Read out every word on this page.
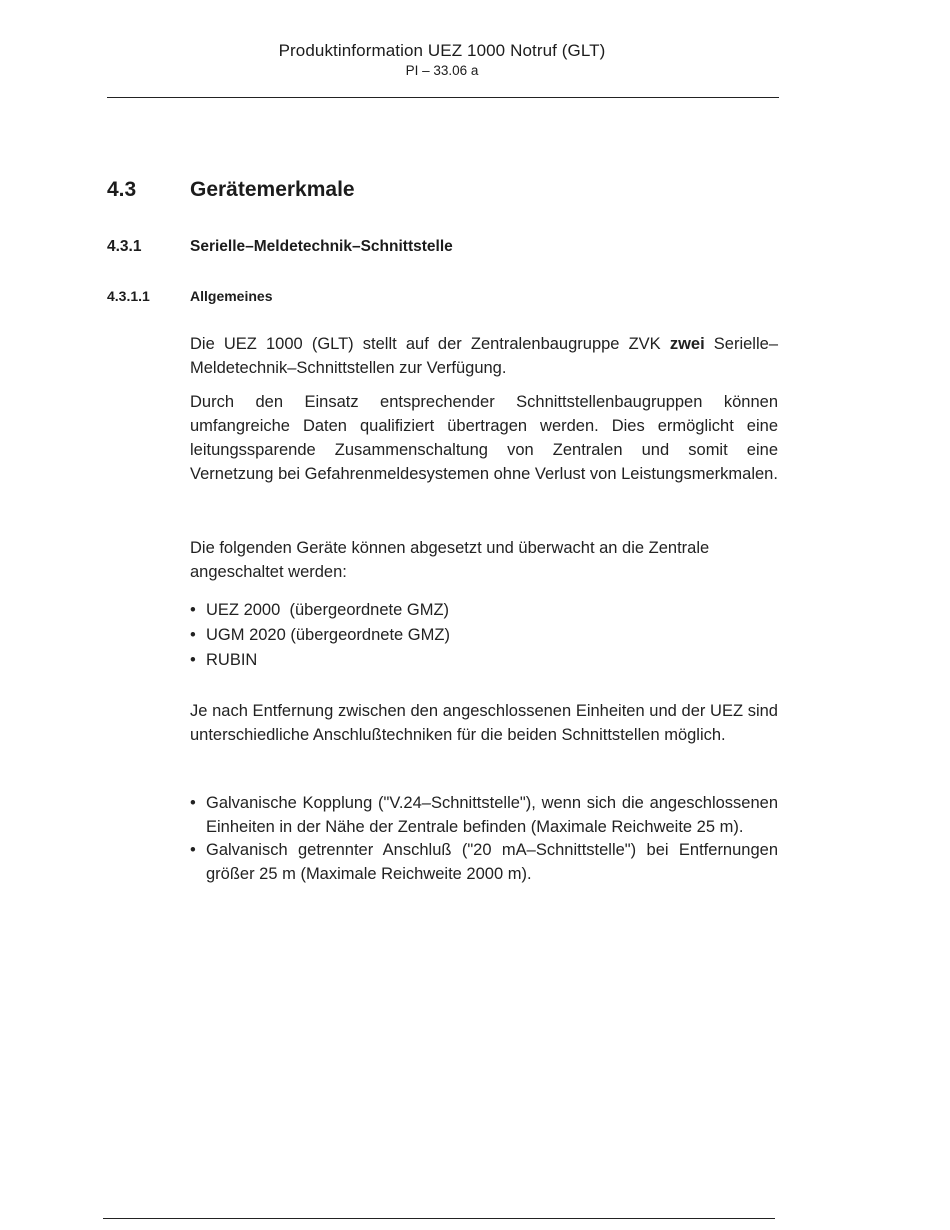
Produktinformation UEZ 1000 Notruf (GLT)
PI – 33.06 a
4.3	Gerätemerkmale
4.3.1	Serielle–Meldetechnik–Schnittstelle
4.3.1.1	Allgemeines
Die UEZ 1000 (GLT) stellt auf der Zentralenbaugruppe ZVK zwei Serielle–Meldetechnik–Schnittstellen zur Verfügung.
Durch den Einsatz entsprechender Schnittstellenbaugruppen können umfangreiche Daten qualifiziert übertragen werden. Dies ermöglicht eine leitungssparende Zusammenschaltung von Zentralen und somit eine Vernetzung bei Gefahrenmeldesystemen ohne Verlust von Leistungsmerkmalen.
Die folgenden Geräte können abgesetzt und überwacht an die Zentrale angeschaltet werden:
• UEZ 2000  (übergeordnete GMZ)
• UGM 2020 (übergeordnete GMZ)
• RUBIN
Je nach Entfernung zwischen den angeschlossenen Einheiten und der UEZ sind unterschiedliche Anschlußtechniken für die beiden Schnittstellen möglich.
• Galvanische Kopplung ("V.24–Schnittstelle"), wenn sich die angeschlossenen Einheiten in der Nähe der Zentrale befinden (Maximale Reichweite 25 m).
• Galvanisch getrennter Anschluß ("20 mA–Schnittstelle") bei Entfernungen größer 25 m (Maximale Reichweite 2000 m).
